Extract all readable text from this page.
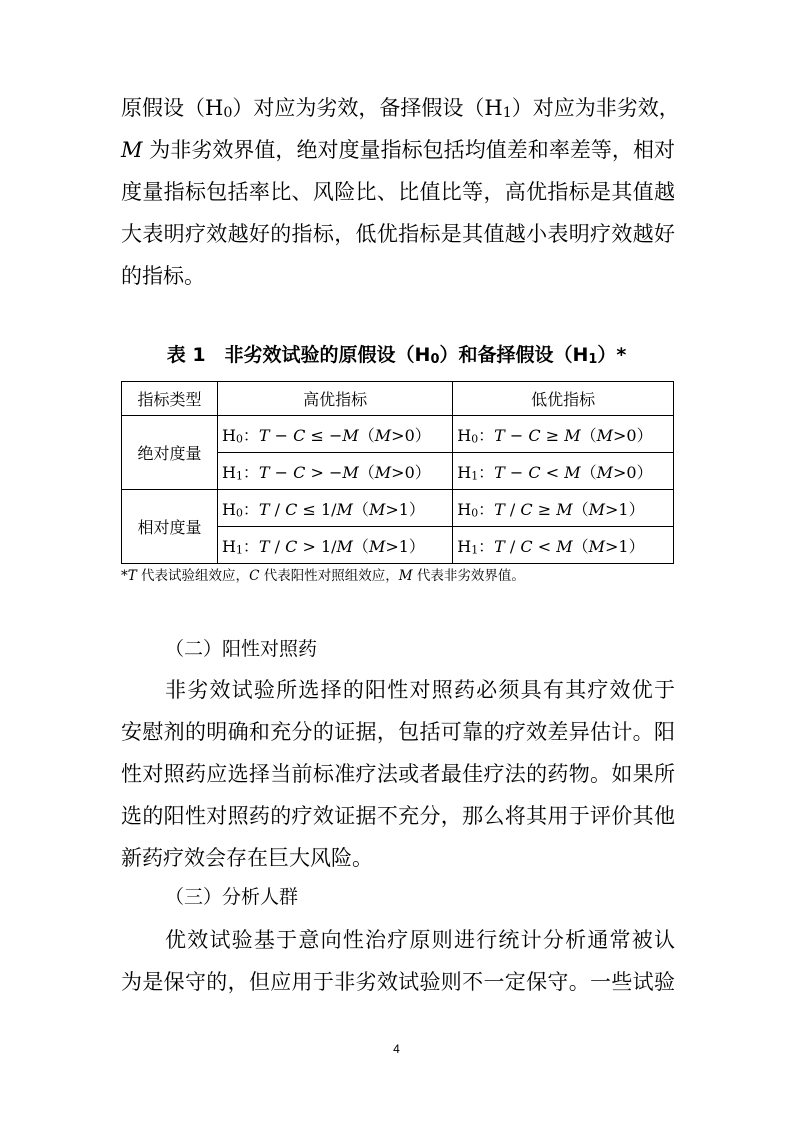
原假设$(H_0)$对应为劣效，备择假设$(H_1)$对应为非劣效，
M 为非劣效界值，绝对度量指标包括均值差和率差等，相对
度量指标包括率比、风险比、比值比等，高优指标是其值越
大表明疗效越好的指标，低优指标是其值越小表明疗效越好
的指标。
表 1　非劣效试验的原假设$(H_0)$和备择假设$(H_1)*$
指标类型	高优指标	低优指标
绝对度量	$H_0$：T − C ≤ −M（M>0）	$H_0$：T − C ≥ M（M>0）
	$H_1$：T − C > −M（M>0）	$H_1$：T − C < M（M>0）
相对度量	$H_0$：T / C ≤ 1/M（M>1）	$H_0$：T / C ≥ M（M>1）
	$H_1$：T / C > 1/M（M>1）	$H_1$：T / C < M（M>1）
*T 代表试验组效应，C 代表阳性对照组效应，M 代表非劣效界值。
（二）阳性对照药
非劣效试验所选择的阳性对照药必须具有其疗效优于
安慰剂的明确和充分的证据，包括可靠的疗效差异估计。阳
性对照药应选择当前标准疗法或者最佳疗法的药物。如果所
选的阳性对照药的疗效证据不充分，那么将其用于评价其他
新药疗效会存在巨大风险。
（三）分析人群
优效试验基于意向性治疗原则进行统计分析通常被认
为是保守的，但应用于非劣效试验则不一定保守。一些试验
4
